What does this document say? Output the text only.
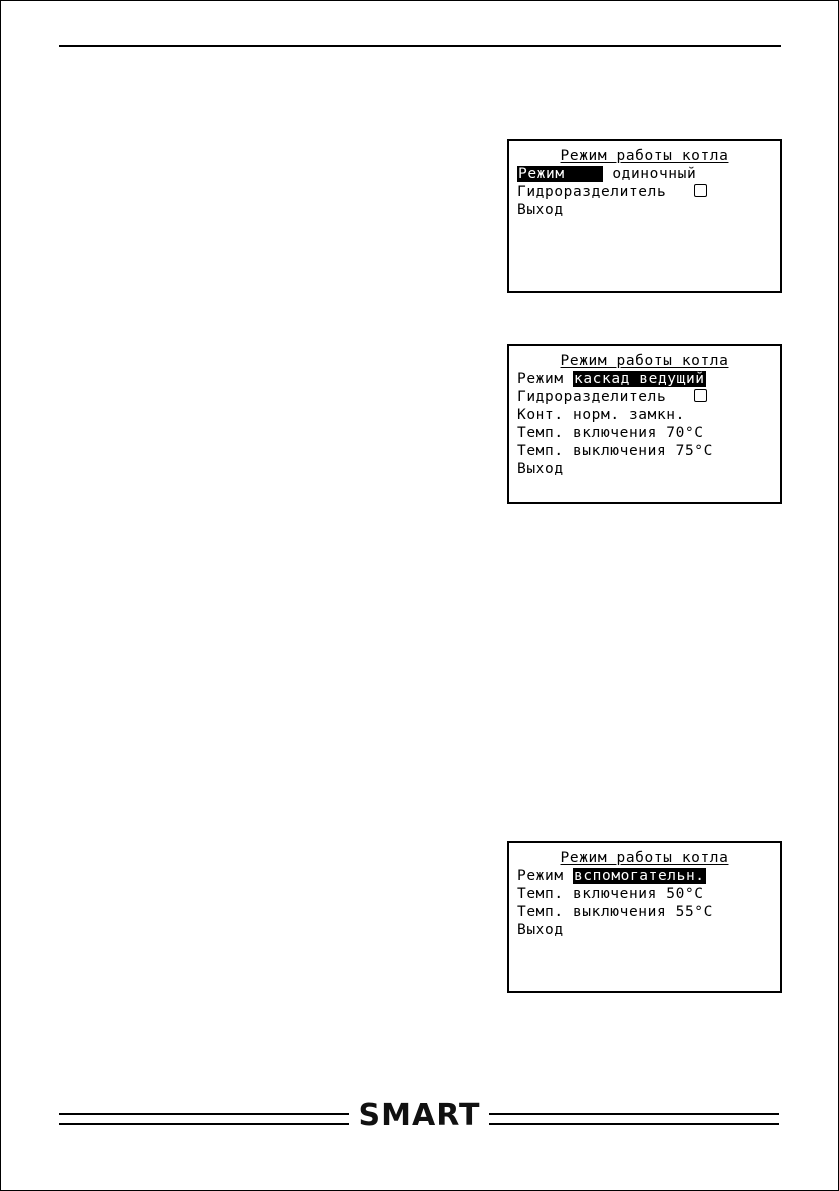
Режим работы котла
Режим     одиночный
Гидроразделитель
Выход
Режим работы котла
Режим каскад ведущий
Гидроразделитель
Конт. норм. замкн.
Темп. включения 70°C
Темп. выключения 75°C
Выход
Режим работы котла
Режим вспомогательн.
Темп. включения 50°C
Темп. выключения 55°C
Выход
SMART
